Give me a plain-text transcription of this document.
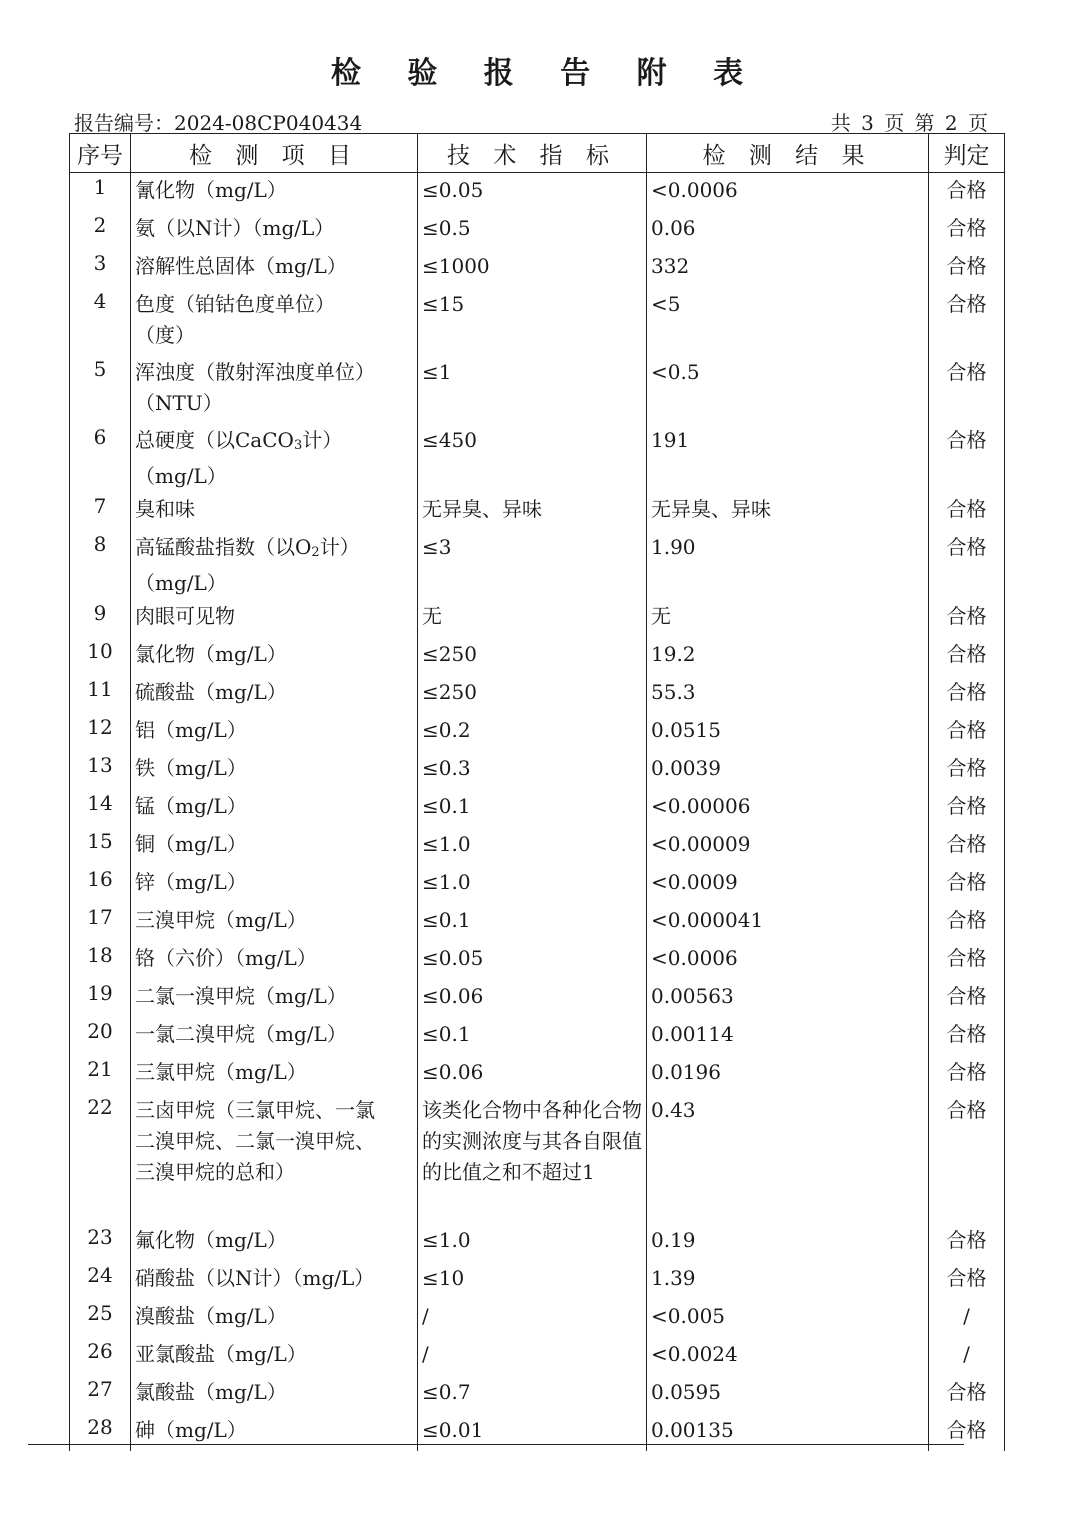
检 验 报 告 附 表
报告编号：2024-08CP040434	共 3 页 第 2 页
序号	检 测 项 目	技 术 指 标	检 测 结 果	判定
1	氰化物（mg/L）	≤0.05	<0.0006	合格
2	氨（以N计）（mg/L）	≤0.5	0.06	合格
3	溶解性总固体（mg/L）	≤1000	332	合格
4	色度（铂钴色度单位）
（度）	≤15	<5	合格
5	浑浊度（散射浑浊度单位）
（NTU）	≤1	<0.5	合格
6	总硬度（以CaCO$_3$计）
（mg/L）	≤450	191	合格
7	臭和味	无异臭、异味	无异臭、异味	合格
8	高锰酸盐指数（以$O_2$计）
（mg/L）	≤3	1.90	合格
9	肉眼可见物	无	无	合格
10	氯化物（mg/L）	≤250	19.2	合格
11	硫酸盐（mg/L）	≤250	55.3	合格
12	铝（mg/L）	≤0.2	0.0515	合格
13	铁（mg/L）	≤0.3	0.0039	合格
14	锰（mg/L）	≤0.1	<0.00006	合格
15	铜（mg/L）	≤1.0	<0.00009	合格
16	锌（mg/L）	≤1.0	<0.0009	合格
17	三溴甲烷（mg/L）	≤0.1	<0.000041	合格
18	铬（六价）（mg/L）	≤0.05	<0.0006	合格
19	二氯一溴甲烷（mg/L）	≤0.06	0.00563	合格
20	一氯二溴甲烷（mg/L）	≤0.1	0.00114	合格
21	三氯甲烷（mg/L）	≤0.06	0.0196	合格
22	三卤甲烷（三氯甲烷、一氯
二溴甲烷、二氯一溴甲烷、
三溴甲烷的总和）	该类化合物中各种化合物的实测浓度与其各自限值的比值之和不超过1	0.43	合格
23	氟化物（mg/L）	≤1.0	0.19	合格
24	硝酸盐（以N计）（mg/L）	≤10	1.39	合格
25	溴酸盐（mg/L）	/	<0.005	/
26	亚氯酸盐（mg/L）	/	<0.0024	/
27	氯酸盐（mg/L）	≤0.7	0.0595	合格
28	砷（mg/L）	≤0.01	0.00135	合格
